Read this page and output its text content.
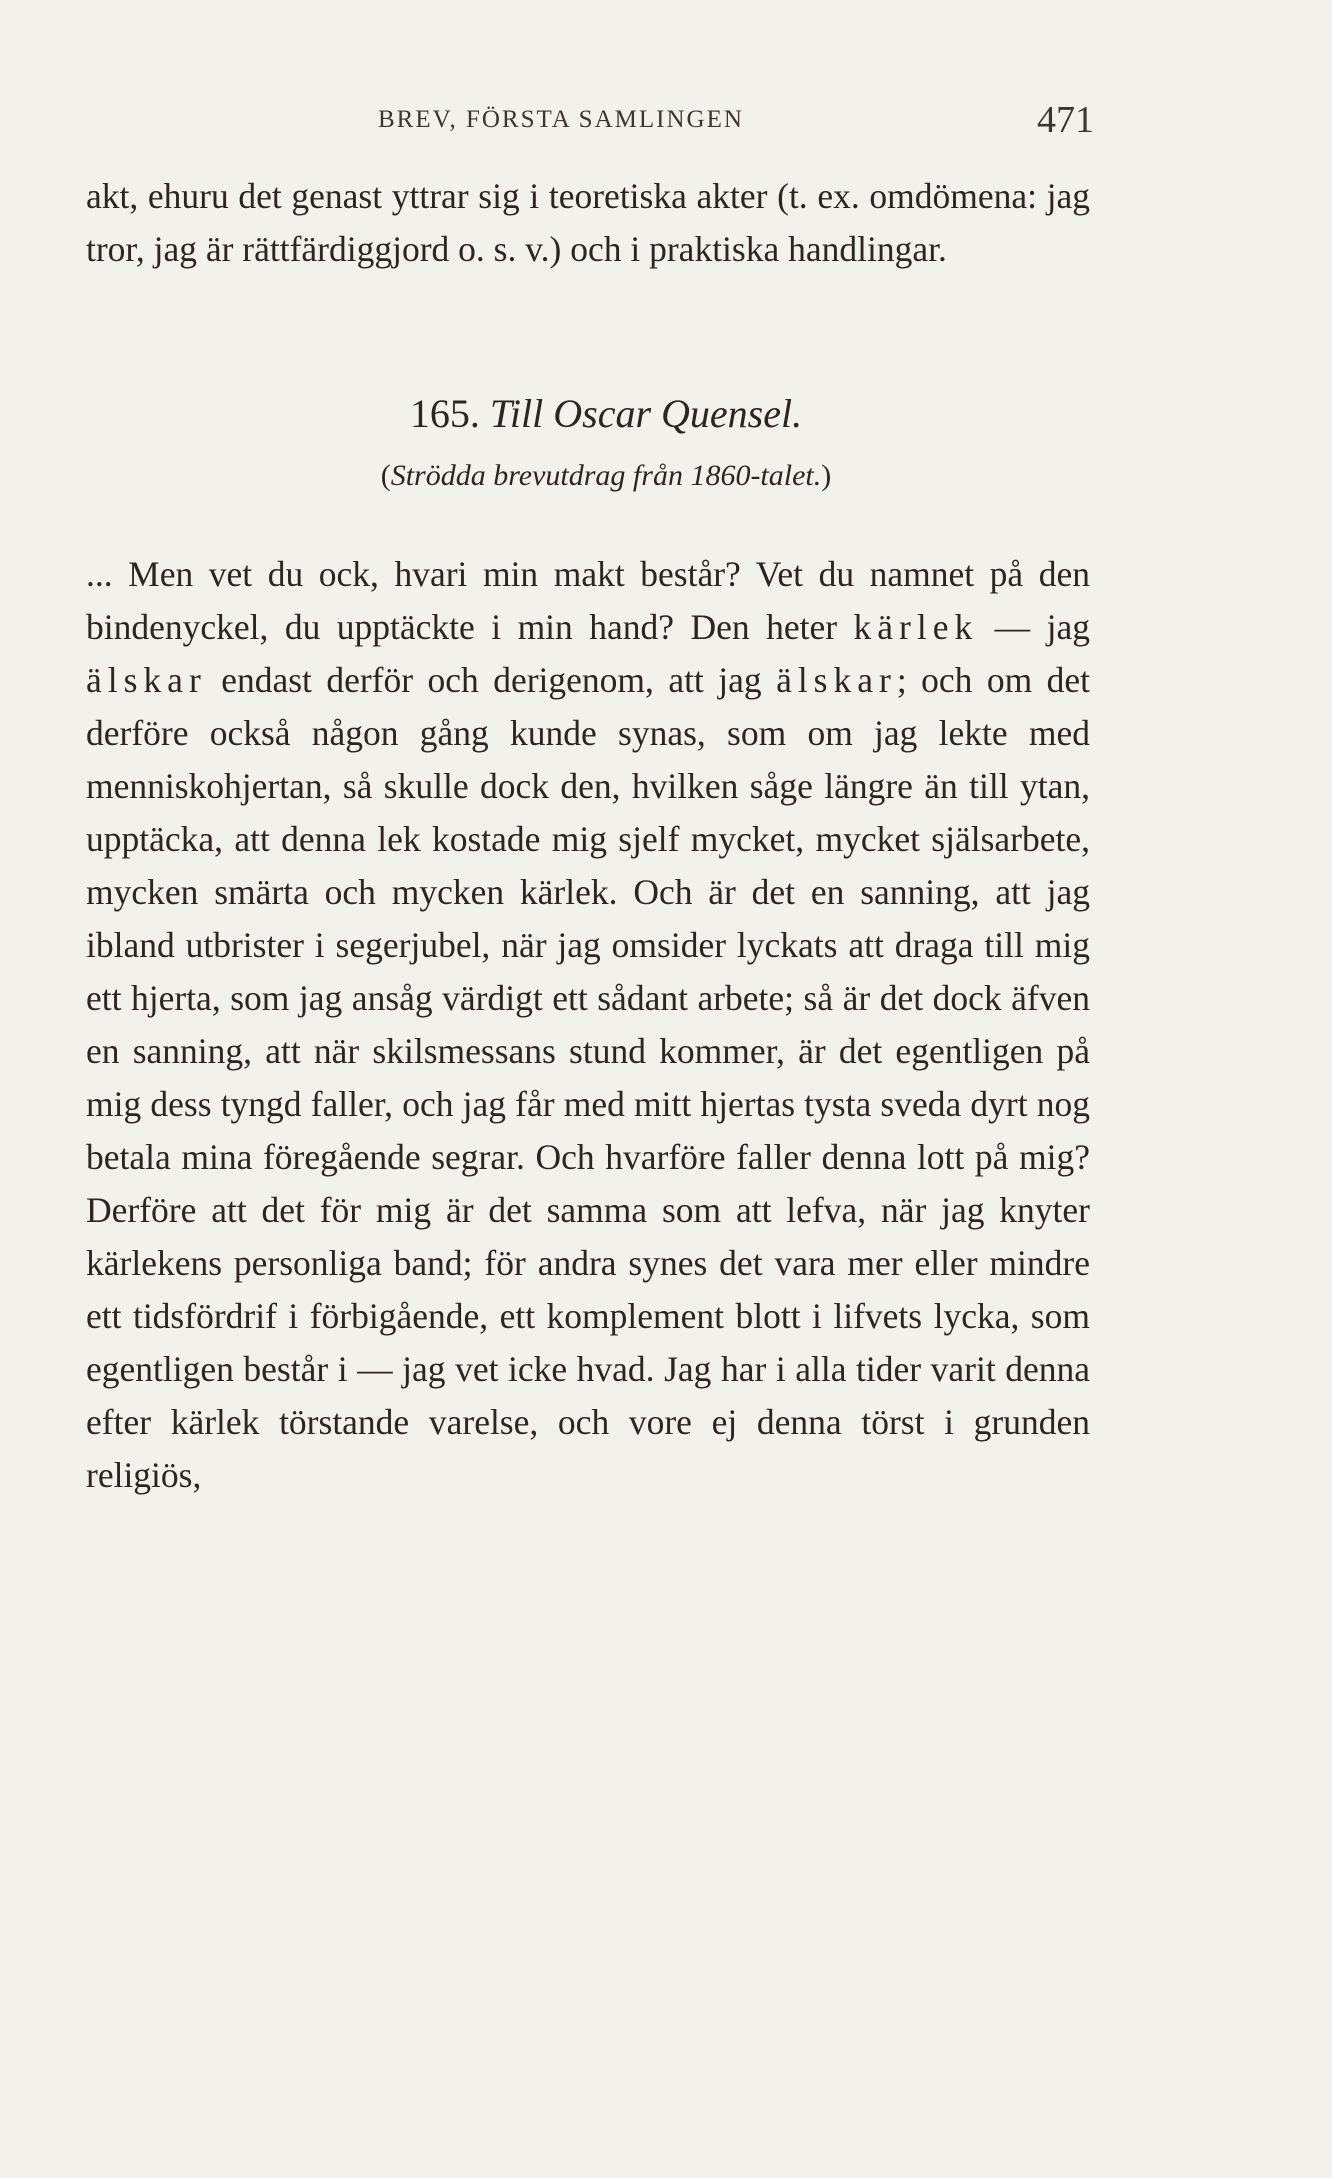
BREV, FÖRSTA SAMLINGEN	471

akt, ehuru det genast yttrar sig i teoretiska akter (t. ex. omdömena: jag tror, jag är rättfärdiggjord o. s. v.) och i praktiska handlingar.

165. Till Oscar Quensel.

(Strödda brevutdrag från 1860-talet.)

... Men vet du ock, hvari min makt består? Vet du namnet på den bindenyckel, du upptäckte i min hand? Den heter kärlek — jag älskar endast derför och derigenom, att jag älskar; och om det derföre också någon gång kunde synas, som om jag lekte med menniskohjertan, så skulle dock den, hvilken såge längre än till ytan, upptäcka, att denna lek kostade mig sjelf mycket, mycket själsarbete, mycken smärta och mycken kärlek. Och är det en sanning, att jag ibland utbrister i segerjubel, när jag omsider lyckats att draga till mig ett hjerta, som jag ansåg värdigt ett sådant arbete; så är det dock äfven en sanning, att när skilsmessans stund kommer, är det egentligen på mig dess tyngd faller, och jag får med mitt hjertas tysta sveda dyrt nog betala mina föregående segrar. Och hvarföre faller denna lott på mig? Derföre att det för mig är det samma som att lefva, när jag knyter kärlekens personliga band; för andra synes det vara mer eller mindre ett tidsfördrif i förbigående, ett komplement blott i lifvets lycka, som egentligen består i — jag vet icke hvad. Jag har i alla tider varit denna efter kärlek törstande varelse, och vore ej denna törst i grunden religiös,
